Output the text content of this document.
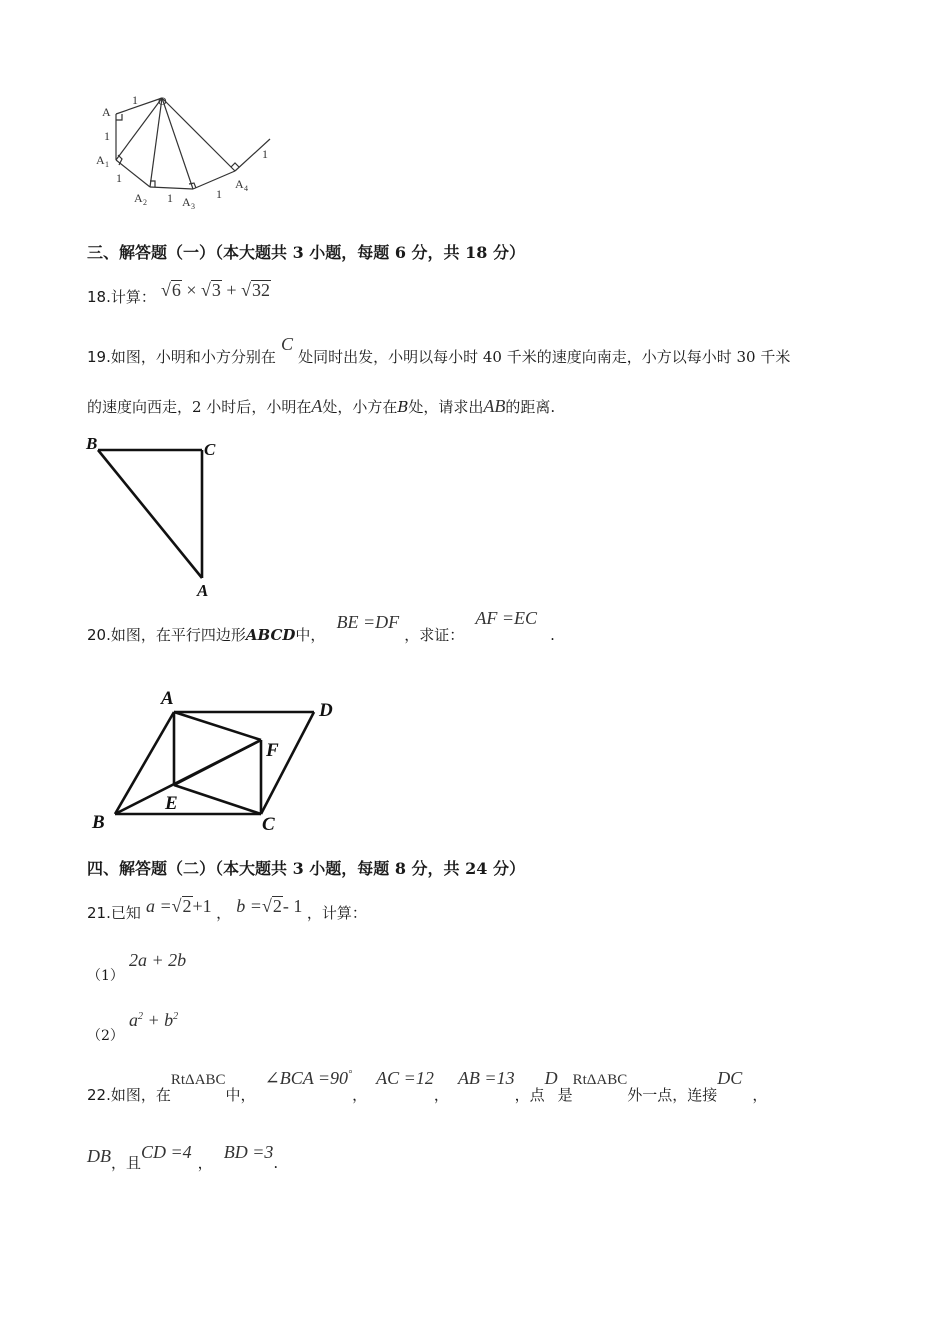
A
O
A 1
A 2	A 3
A 4
1
1
1
1	1
1
三、解答题（一）（本大题共 3 小题，每题 6 分，共 18 分）
18.计算： √6 × √3 + √32
19.如图，小明和小方分别在 C 处同时出发，小明以每小时 40 千米的速度向南走，小方以每小时 30 千米
的速度向西走，2 小时后，小明在A处，小方在B处，请求出AB的距离.
B	C
A
20.如图，在平行四边形ABCD中， BE =DF ，求证： AF =EC .
A
D
F
E
B	C
四、解答题（二）（本大题共 3 小题，每题 8 分，共 24 分）
21.已知 a =√2+1 ， b =√2- 1 ，计算：
（1） 2a + 2b
（2） $a^2 + b^2$
22.如图，在RtΔABC中， ∠BCA =90°， AC =12， AB =13，点D是RtΔABC外一点，连接DC，
DB，且CD =4， BD =3.
